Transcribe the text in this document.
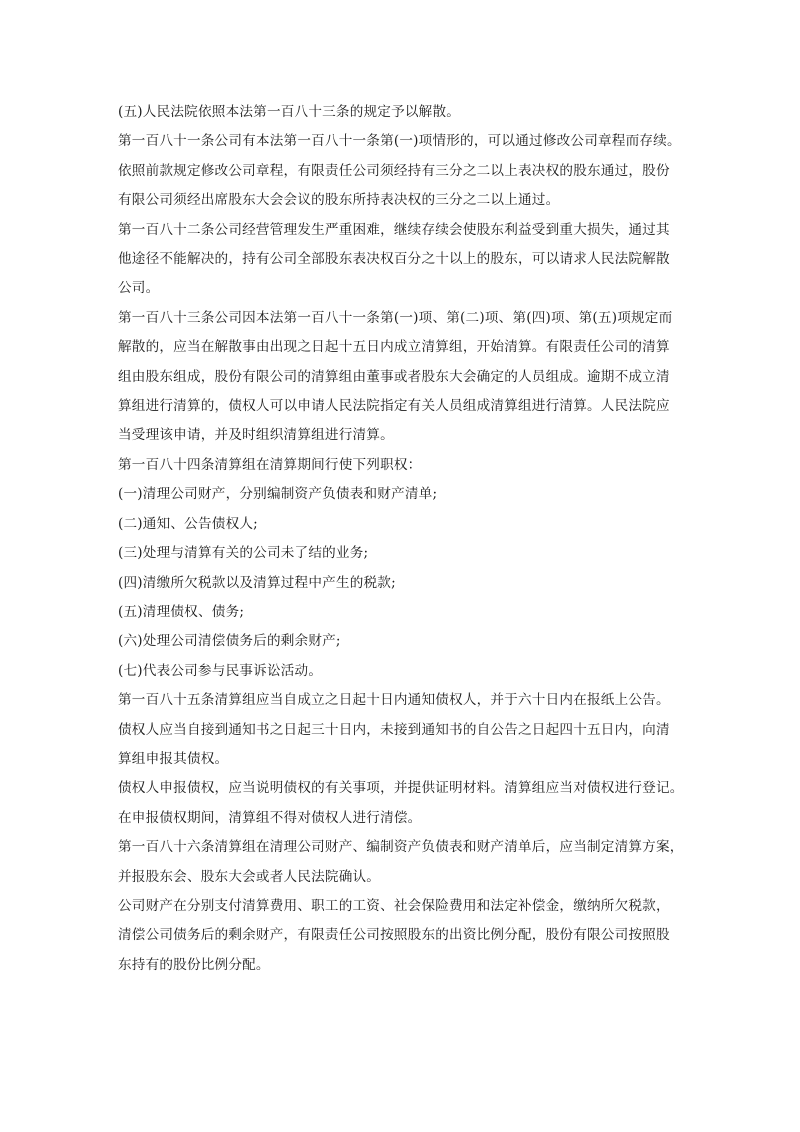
(五)人民法院依照本法第一百八十三条的规定予以解散。

第一百八十一条公司有本法第一百八十一条第(一)项情形的，可以通过修改公司章程而存续。

依照前款规定修改公司章程，有限责任公司须经持有三分之二以上表决权的股东通过，股份
有限公司须经出席股东大会会议的股东所持表决权的三分之二以上通过。

第一百八十二条公司经营管理发生严重困难，继续存续会使股东利益受到重大损失，通过其
他途径不能解决的，持有公司全部股东表决权百分之十以上的股东，可以请求人民法院解散
公司。

第一百八十三条公司因本法第一百八十一条第(一)项、第(二)项、第(四)项、第(五)项规定而
解散的，应当在解散事由出现之日起十五日内成立清算组，开始清算。有限责任公司的清算
组由股东组成，股份有限公司的清算组由董事或者股东大会确定的人员组成。逾期不成立清
算组进行清算的，债权人可以申请人民法院指定有关人员组成清算组进行清算。人民法院应
当受理该申请，并及时组织清算组进行清算。

第一百八十四条清算组在清算期间行使下列职权：

(一)清理公司财产，分别编制资产负债表和财产清单;

(二)通知、公告债权人;

(三)处理与清算有关的公司未了结的业务;

(四)清缴所欠税款以及清算过程中产生的税款;

(五)清理债权、债务;

(六)处理公司清偿债务后的剩余财产;

(七)代表公司参与民事诉讼活动。

第一百八十五条清算组应当自成立之日起十日内通知债权人，并于六十日内在报纸上公告。

债权人应当自接到通知书之日起三十日内，未接到通知书的自公告之日起四十五日内，向清
算组申报其债权。

债权人申报债权，应当说明债权的有关事项，并提供证明材料。清算组应当对债权进行登记。

在申报债权期间，清算组不得对债权人进行清偿。

第一百八十六条清算组在清理公司财产、编制资产负债表和财产清单后，应当制定清算方案，
并报股东会、股东大会或者人民法院确认。

公司财产在分别支付清算费用、职工的工资、社会保险费用和法定补偿金，缴纳所欠税款，
清偿公司债务后的剩余财产，有限责任公司按照股东的出资比例分配，股份有限公司按照股
东持有的股份比例分配。
